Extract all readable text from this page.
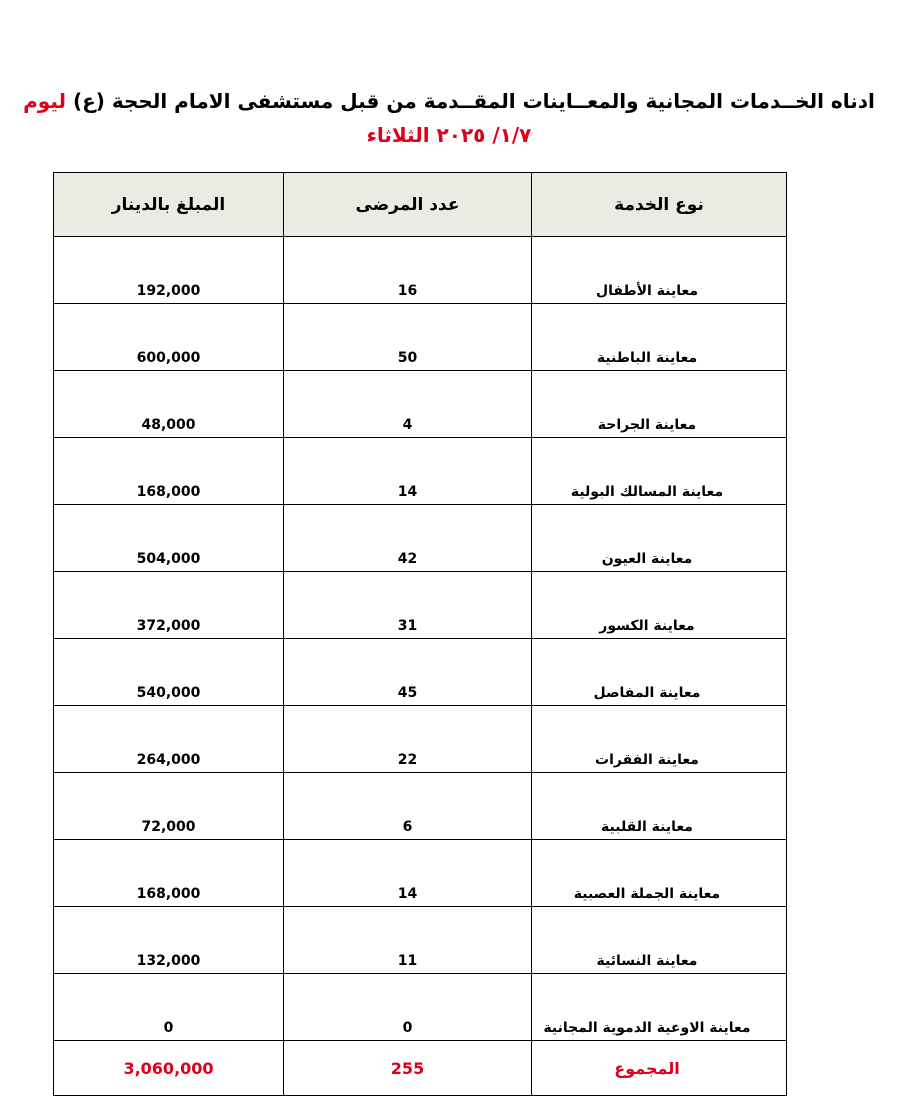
ادناه الخــدمات المجانية والمعــاينات المقــدمة من قبل مستشفى الامام الحجة (ع) ليوم
١/٧/ ٢٠٢٥ الثلاثاء
نوع الخدمة	عدد المرضى	المبلغ بالدينار
معاينة الأطفال	16	192,000
معاينة الباطنية	50	600,000
معاينة الجراحة	4	48,000
معاينة المسالك البولية	14	168,000
معاينة العيون	42	504,000
معاينة الكسور	31	372,000
معاينة المفاصل	45	540,000
معاينة الفقرات	22	264,000
معاينة القلبية	6	72,000
معاينة الجملة العصبية	14	168,000
معاينة النسائية	11	132,000
معاينة الاوعية الدموية المجانية	0	0
المجموع	255	3,060,000
